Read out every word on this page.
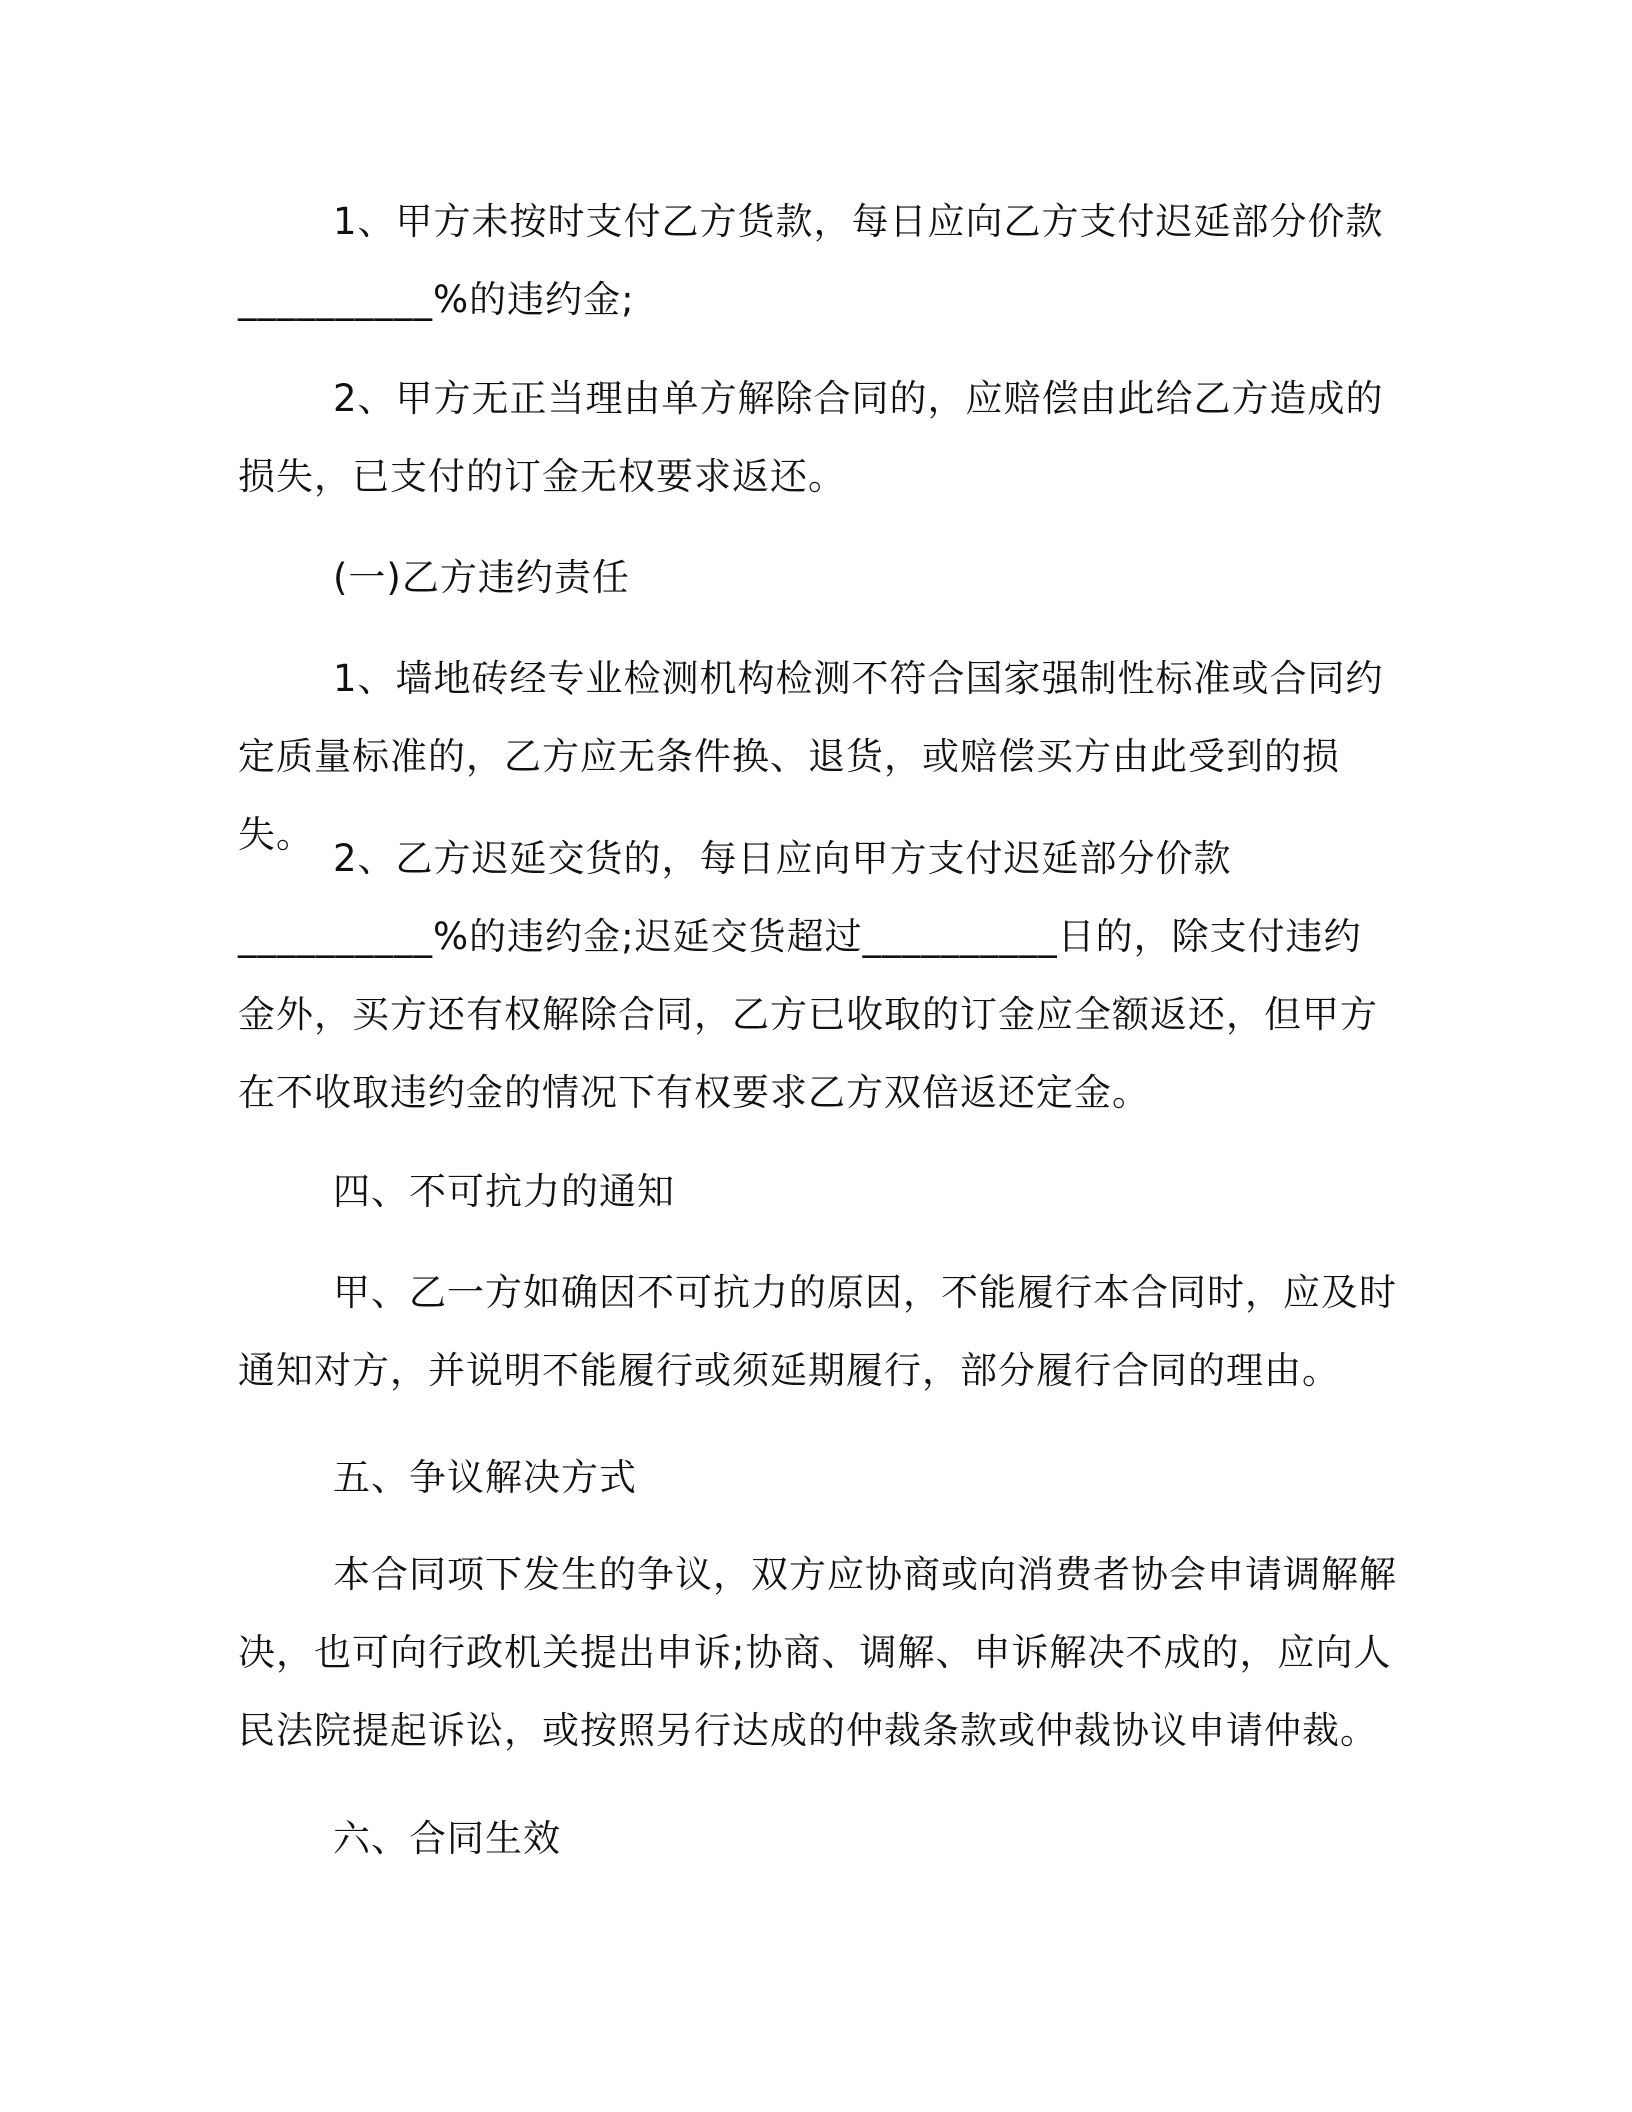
1、甲方未按时支付乙方货款，每日应向乙方支付迟延部分价款__________%的违约金;

2、甲方无正当理由单方解除合同的，应赔偿由此给乙方造成的损失，已支付的订金无权要求返还。

(一)乙方违约责任

1、墙地砖经专业检测机构检测不符合国家强制性标准或合同约定质量标准的，乙方应无条件换、退货，或赔偿买方由此受到的损失。

2、乙方迟延交货的，每日应向甲方支付迟延部分价款
__________%的违约金;迟延交货超过__________日的，除支付违约金外，买方还有权解除合同，乙方已收取的订金应全额返还，但甲方在不收取违约金的情况下有权要求乙方双倍返还定金。

四、不可抗力的通知

甲、乙一方如确因不可抗力的原因，不能履行本合同时，应及时通知对方，并说明不能履行或须延期履行，部分履行合同的理由。

五、争议解决方式

本合同项下发生的争议，双方应协商或向消费者协会申请调解解决，也可向行政机关提出申诉;协商、调解、申诉解决不成的，应向人民法院提起诉讼，或按照另行达成的仲裁条款或仲裁协议申请仲裁。

六、合同生效
